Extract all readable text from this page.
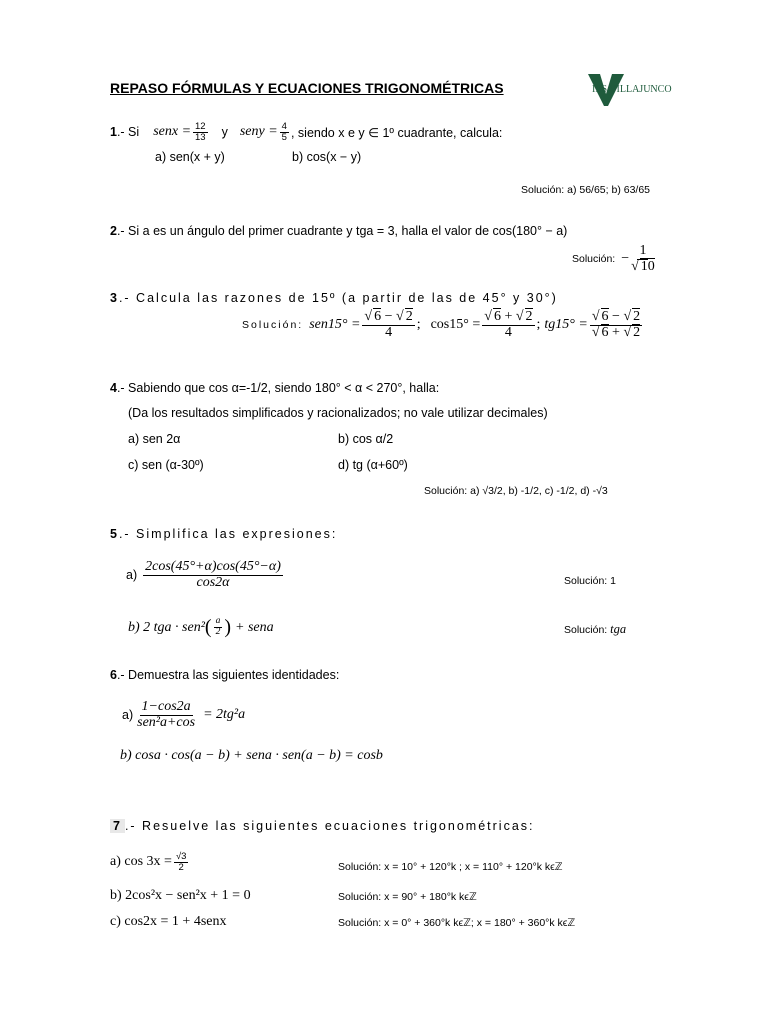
REPASO FÓRMULAS Y ECUACIONES TRIGONOMÉTRICAS	IES VILLAJUNCO
1 .- Si senx = $\frac{12}{13}$ y seny = $\frac{4}{5}$ , siendo x e y ∈ 1º cuadrante, calcula:
a) sen(x + y)	b) cos(x − y)
Solución: a) 56/65; b) 63/65
2.- Si a es un ángulo del primer cuadrante y tga = 3, halla el valor de cos(180° − a)
Solución: − $\frac{1}{√ 10}$
3.- Calcula las razones de 15º (a partir de las de 45° y 30°)
Solución: $sen15^\circ = \frac{√ 6 - √ 2}{4}$ ; $\cos 15^\circ = \frac{√ 6 + √ 2}{4}$ ; $tg15^\circ = \frac{√ 6 - √ 2}{√ 6 + √ 2}$
4.- Sabiendo que cos α=-1/2, siendo 180° < α < 270°, halla:
(Da los resultados simplificados y racionalizados; no vale utilizar decimales)
a) sen 2α	b) cos α/2
c) sen (α-30º)	d) tg (α+60º)
Solución: a) √3/2, b) -1/2, c) -1/2, d) -√3
5.- Simplifica las expresiones:
$a) \frac{2\cos(45^\circ+\alpha)\cos(45^\circ-\alpha)}{\cos 2\alpha}$	Solución: 1
b) 2 tga · sen² ( $\frac{a}{2}$ ) + sena	Solución: tga
6.- Demuestra las siguientes identidades:
$a) \frac{1-\cos 2a}{\text{sen²a+cos}} = 2tg^2a$
b) cosa · cos(a − b) + sena · sen(a − b) = cosb
7 .- Resuelve las siguientes ecuaciones trigonométricas:
a) $\cos 3x = \frac{√3}{2}$	Solución: x = 10° + 120°k ; x = 110° + 120°k kϵℤ
b) 2cos²x − sen²x + 1 = 0	Solución: x = 90° + 180°k kϵℤ
c) cos2x = 1 + 4senx	Solución: x = 0° + 360°k kϵℤ; x = 180° + 360°k kϵℤ
